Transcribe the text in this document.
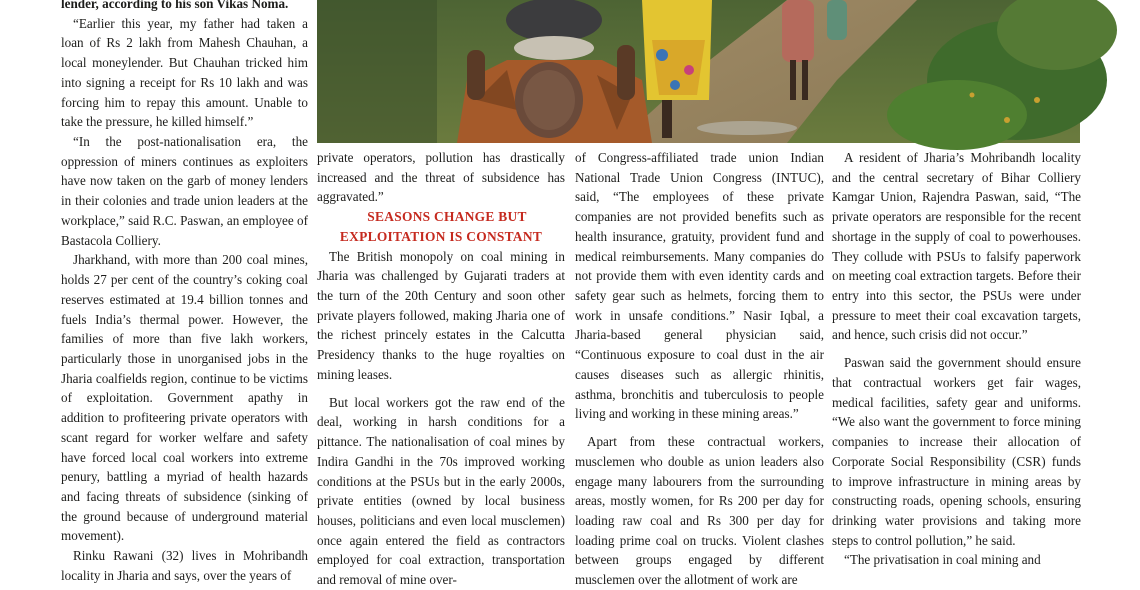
lender, according to his son Vikas Noma.

“Earlier this year, my father had taken a loan of Rs 2 lakh from Mahesh Chauhan, a local moneylender. But Chauhan tricked him into signing a receipt for Rs 10 lakh and was forcing him to repay this amount. Unable to take the pressure, he killed himself.”

“In the post-nationalisation era, the oppression of miners continues as exploiters have now taken on the garb of money lenders in their colonies and trade union leaders at the workplace,” said R.C. Paswan, an employee of Bastacola Colliery.

Jharkhand, with more than 200 coal mines, holds 27 per cent of the country’s coking coal reserves estimated at 19.4 billion tonnes and fuels India’s thermal power. However, the families of more than five lakh workers, particularly those in unorganised jobs in the Jharia coalfields region, continue to be victims of exploitation. Government apathy in addition to profiteering private operators with scant regard for worker welfare and safety have forced local coal workers into extreme penury, battling a myriad of health hazards and facing threats of subsidence (sinking of the ground because of underground material movement).

Rinku Rawani (32) lives in Mohribandh locality in Jharia and says, over the years of

private operators, pollution has drastically increased and the threat of subsidence has aggravated.”

SEASONS CHANGE BUT EXPLOITATION IS CONSTANT

The British monopoly on coal mining in Jharia was challenged by Gujarati traders at the turn of the 20th Century and soon other private players followed, making Jharia one of the richest princely estates in the Calcutta Presidency thanks to the huge royalties on mining leases.

But local workers got the raw end of the deal, working in harsh conditions for a pittance. The nationalisation of coal mines by Indira Gandhi in the 70s improved working conditions at the PSUs but in the early 2000s, private entities (owned by local business houses, politicians and even local musclemen) once again entered the field as contractors employed for coal extraction, transportation and removal of mine over-

of Congress-affiliated trade union Indian National Trade Union Congress (INTUC), said, “The employees of these private companies are not provided benefits such as health insurance, gratuity, provident fund and medical reimbursements. Many companies do not provide them with even identity cards and safety gear such as helmets, forcing them to work in unsafe conditions.” Nasir Iqbal, a Jharia-based general physician said, “Continuous exposure to coal dust in the air causes diseases such as allergic rhinitis, asthma, bronchitis and tuberculosis to people living and working in these mining areas.”

Apart from these contractual workers, musclemen who double as union leaders also engage many labourers from the surrounding areas, mostly women, for Rs 200 per day for loading raw coal and Rs 300 per day for loading prime coal on trucks. Violent clashes between groups engaged by different musclemen over the allotment of work are

A resident of Jharia’s Mohribandh locality and the central secretary of Bihar Colliery Kamgar Union, Rajendra Paswan, said, “The private operators are responsible for the recent shortage in the supply of coal to powerhouses. They collude with PSUs to falsify paperwork on meeting coal extraction targets. Before their entry into this sector, the PSUs were under pressure to meet their coal excavation targets, and hence, such crisis did not occur.”

Paswan said the government should ensure that contractual workers get fair wages, medical facilities, safety gear and uniforms. “We also want the government to force mining companies to increase their allocation of Corporate Social Responsibility (CSR) funds to improve infrastructure in mining areas by constructing roads, opening schools, ensuring drinking water provisions and taking more steps to control pollution,” he said.

“The privatisation in coal mining and
